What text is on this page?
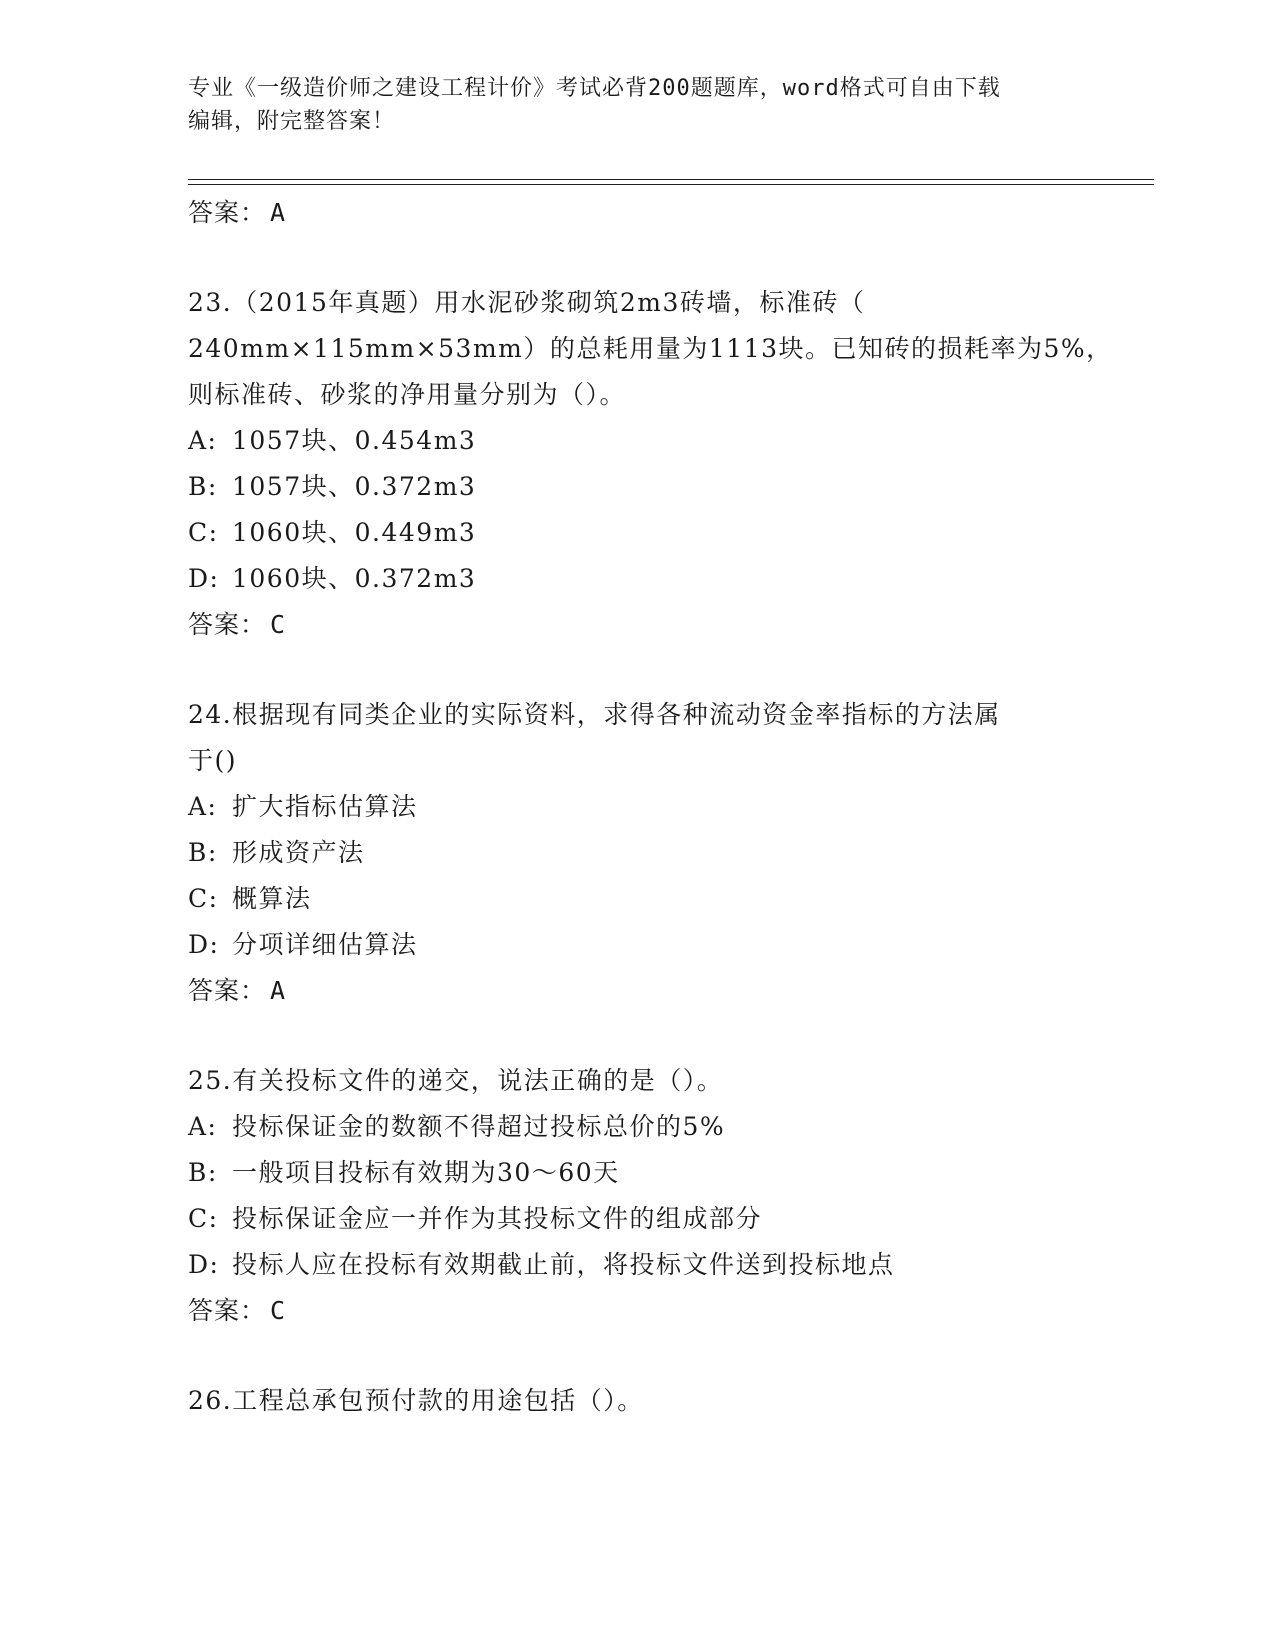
专业《一级造价师之建设工程计价》考试必背200题题库，word格式可自由下载
编辑，附完整答案！
答案： A
23.（2015年真题）用水泥砂浆砌筑2m3砖墙，标准砖（
240mm×115mm×53mm）的总耗用量为1113块。已知砖的损耗率为5%，
则标准砖、砂浆的净用量分别为（）。
A: 1057块、0.454m3
B: 1057块、0.372m3
C: 1060块、0.449m3
D: 1060块、0.372m3
答案： C
24.根据现有同类企业的实际资料，求得各种流动资金率指标的方法属
于()
A: 扩大指标估算法
B: 形成资产法
C: 概算法
D: 分项详细估算法
答案： A
25.有关投标文件的递交，说法正确的是（）。
A: 投标保证金的数额不得超过投标总价的5%
B: 一般项目投标有效期为30～60天
C: 投标保证金应一并作为其投标文件的组成部分
D: 投标人应在投标有效期截止前，将投标文件送到投标地点
答案： C
26.工程总承包预付款的用途包括（）。
